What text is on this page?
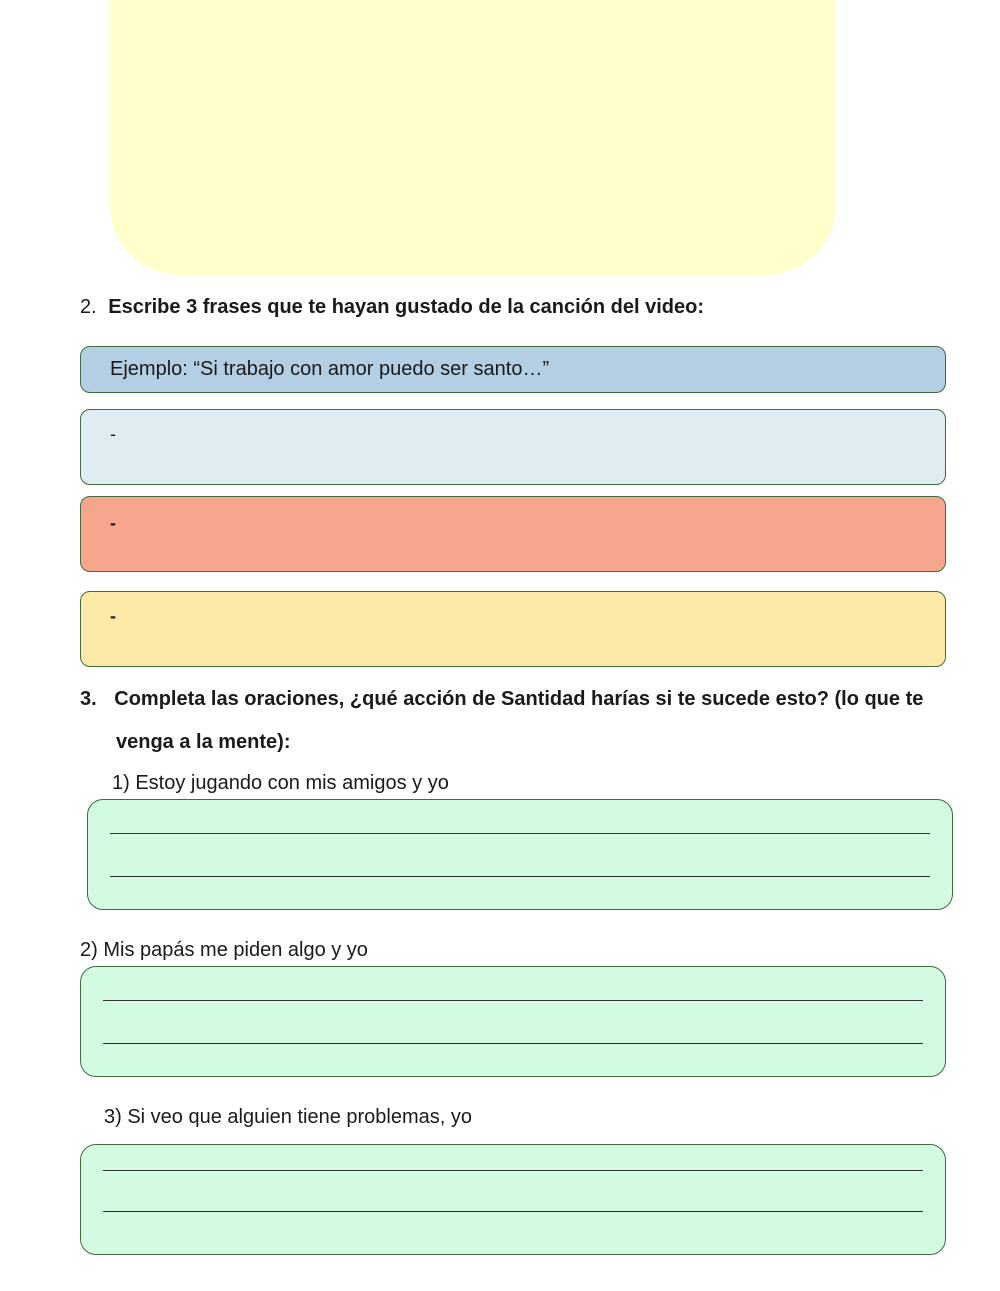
2. Escribe 3 frases que te hayan gustado de la canción del video:
Ejemplo: “Si trabajo con amor puedo ser santo…”
-
-
-
3. Completa las oraciones, ¿qué acción de Santidad harías si te sucede esto? (lo que te
venga a la mente):
1) Estoy jugando con mis amigos y yo
2) Mis papás me piden algo y yo
3) Si veo que alguien tiene problemas, yo
